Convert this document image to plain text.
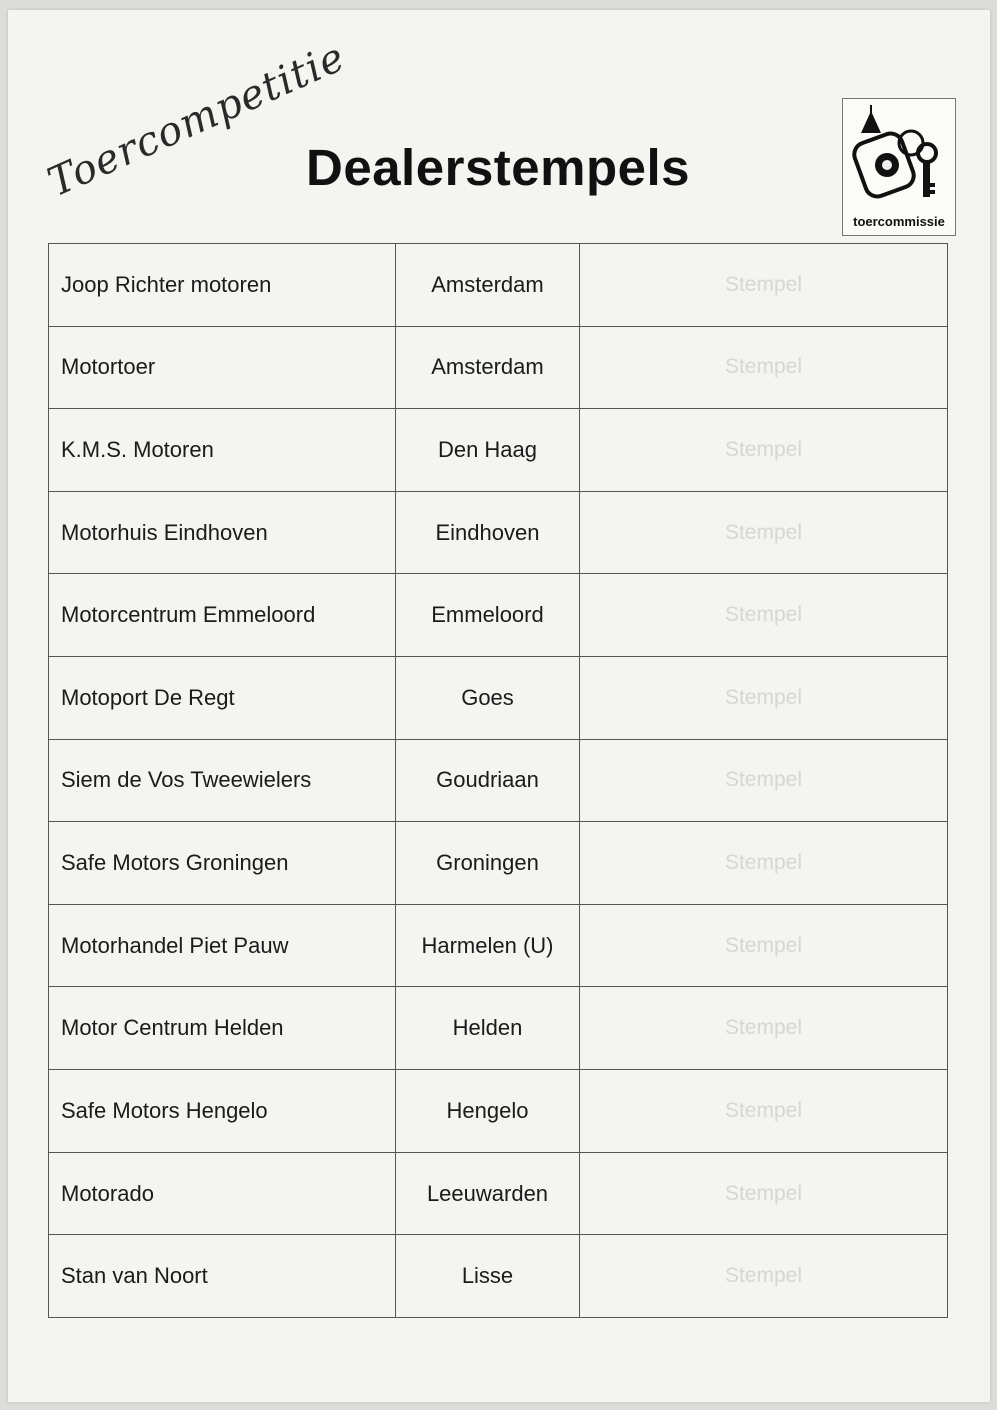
Toercompetitie
Dealerstempels
toercommissie
Joop Richter motoren	Amsterdam	Stempel
Motortoer	Amsterdam	Stempel
K.M.S. Motoren	Den Haag	Stempel
Motorhuis Eindhoven	Eindhoven	Stempel
Motorcentrum Emmeloord	Emmeloord	Stempel
Motoport De Regt	Goes	Stempel
Siem de Vos Tweewielers	Goudriaan	Stempel
Safe Motors Groningen	Groningen	Stempel
Motorhandel Piet Pauw	Harmelen (U)	Stempel
Motor Centrum Helden	Helden	Stempel
Safe Motors Hengelo	Hengelo	Stempel
Motorado	Leeuwarden	Stempel
Stan van Noort	Lisse	Stempel
